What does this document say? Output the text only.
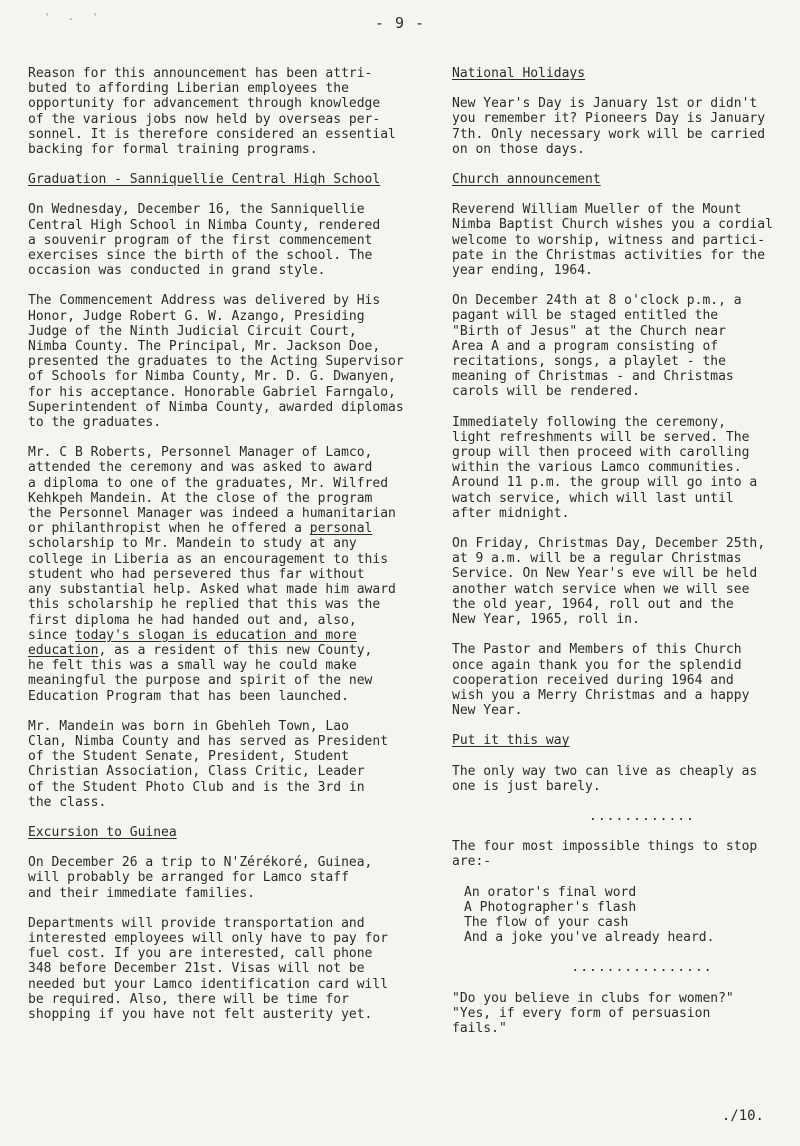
' . '	- 9 -

Reason for this announcement has been attri-
buted to affording Liberian employees the
opportunity for advancement through knowledge
of the various jobs now held by overseas per-
sonnel. It is therefore considered an essential
backing for formal training programs.

Graduation - Sanniquellie Central High School

On Wednesday, December 16, the Sanniquellie
Central High School in Nimba County, rendered
a souvenir program of the first commencement
exercises since the birth of the school. The
occasion was conducted in grand style.

The Commencement Address was delivered by His
Honor, Judge Robert G. W. Azango, Presiding
Judge of the Ninth Judicial Circuit Court,
Nimba County. The Principal, Mr. Jackson Doe,
presented the graduates to the Acting Supervisor
of Schools for Nimba County, Mr. D. G. Dwanyen,
for his acceptance. Honorable Gabriel Farngalo,
Superintendent of Nimba County, awarded diplomas
to the graduates.

Mr. C B Roberts, Personnel Manager of Lamco,
attended the ceremony and was asked to award
a diploma to one of the graduates, Mr. Wilfred
Kehkpeh Mandein. At the close of the program
the Personnel Manager was indeed a humanitarian
or philanthropist when he offered a personal
scholarship to Mr. Mandein to study at any
college in Liberia as an encouragement to this
student who had persevered thus far without
any substantial help. Asked what made him award
this scholarship he replied that this was the
first diploma he had handed out and, also,
since today's slogan is education and more
education, as a resident of this new County,
he felt this was a small way he could make
meaningful the purpose and spirit of the new
Education Program that has been launched.

Mr. Mandein was born in Gbehleh Town, Lao
Clan, Nimba County and has served as President
of the Student Senate, President, Student
Christian Association, Class Critic, Leader
of the Student Photo Club and is the 3rd in
the class.

Excursion to Guinea

On December 26 a trip to N'Zérékoré, Guinea,
will probably be arranged for Lamco staff
and their immediate families.

Departments will provide transportation and
interested employees will only have to pay for
fuel cost. If you are interested, call phone
348 before December 21st. Visas will not be
needed but your Lamco identification card will
be required. Also, there will be time for
shopping if you have not felt austerity yet.

National Holidays

New Year's Day is January 1st or didn't
you remember it? Pioneers Day is January
7th. Only necessary work will be carried
on on those days.

Church announcement

Reverend William Mueller of the Mount
Nimba Baptist Church wishes you a cordial
welcome to worship, witness and partici-
pate in the Christmas activities for the
year ending, 1964.

On December 24th at 8 o'clock p.m., a
pagant will be staged entitled the
"Birth of Jesus" at the Church near
Area A and a program consisting of
recitations, songs, a playlet - the
meaning of Christmas - and Christmas
carols will be rendered.

Immediately following the ceremony,
light refreshments will be served. The
group will then proceed with carolling
within the various Lamco communities.
Around 11 p.m. the group will go into a
watch service, which will last until
after midnight.

On Friday, Christmas Day, December 25th,
at 9 a.m. will be a regular Christmas
Service. On New Year's eve will be held
another watch service when we will see
the old year, 1964, roll out and the
New Year, 1965, roll in.

The Pastor and Members of this Church
once again thank you for the splendid
cooperation received during 1964 and
wish you a Merry Christmas and a happy
New Year.

Put it this way

The only way two can live as cheaply as
one is just barely.

............

The four most impossible things to stop
are:-

An orator's final word
A Photographer's flash
The flow of your cash
And a joke you've already heard.

................

"Do you believe in clubs for women?"
"Yes, if every form of persuasion
fails."

./10.
